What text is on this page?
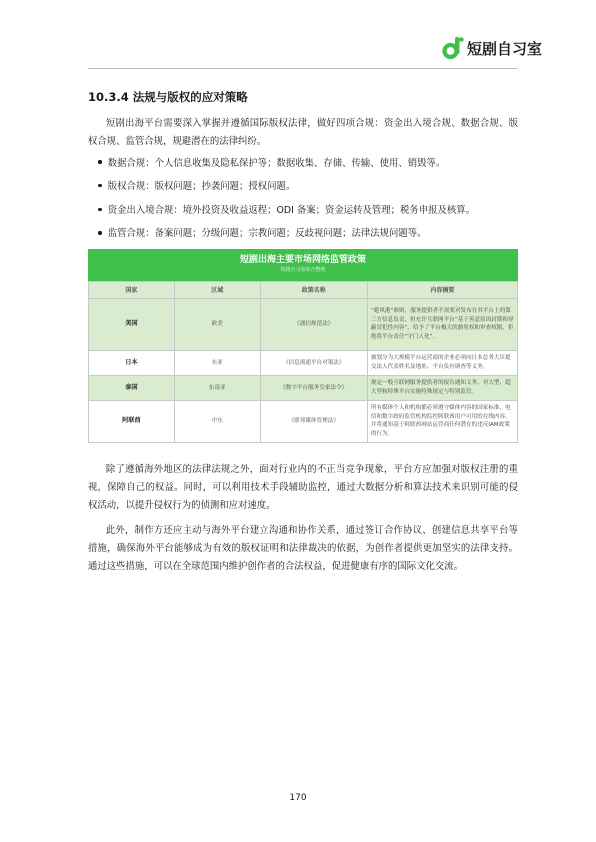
短剧自习室
10.3.4 法规与版权的应对策略

短剧出海平台需要深入掌握并遵循国际版权法律，做好四项合规：资金出入境合规、数据合规、版权合规、监管合规，规避潜在的法律纠纷。

数据合规：个人信息收集及隐私保护等；数据收集、存储、传输、使用、销毁等。
版权合规：版权问题；抄袭问题；授权问题。
资金出入境合规：境外投资及收益返程；ODI 备案；资金运转及管理；税务申报及核算。
监管合规：备案问题；分级问题；宗教问题；反歧视问题；法律法规问题等。
短剧出海主要市场网络监管政策
短剧自习室综合整理
国家	区域	政策名称	内容摘要
美国	欧美	《通信规范法》	“避风港”准则，服务提供者不需要对发布在其平台上的第三方信息负责，但允许互联网平台”基于善意原因封锁和屏蔽冒犯性内容”，给予了平台极大的豁免权和审查权限，拒绝将平台责任”守门人化”。
日本	东亚	《信息流通平台对策法》	被划分为大规模平台运营商的企业必须向日本总务大臣提交法人代表姓名及地址、平台负有调查等义务。
泰国	东南亚	《数字平台服务皇家法令》	规定一般互联网服务提供者的报告通知义务、对大型、超大型和特殊平台实施特殊规定与特别监管。
阿联酋	中东	《联邦媒体管理法》	所有媒体个人和机构都必须遵守媒体内容的国家标准，电信和数字政府监管机构监控阿联酋用户可用的在线内容，并将通知基于阿联酋网站运营商任何潜在的违反IAM政策的行为。

除了遵循海外地区的法律法规之外，面对行业内的不正当竞争现象，平台方应加强对版权注册的重视，保障自己的权益。同时，可以利用技术手段辅助监控，通过大数据分析和算法技术来识别可能的侵权活动，以提升侵权行为的侦测和应对速度。

此外，制作方还应主动与海外平台建立沟通和协作关系，通过签订合作协议、创建信息共享平台等措施，确保海外平台能够成为有效的版权证明和法律裁决的依据，为创作者提供更加坚实的法律支持。通过这些措施，可以在全球范围内维护创作者的合法权益，促进健康有序的国际文化交流。

170
